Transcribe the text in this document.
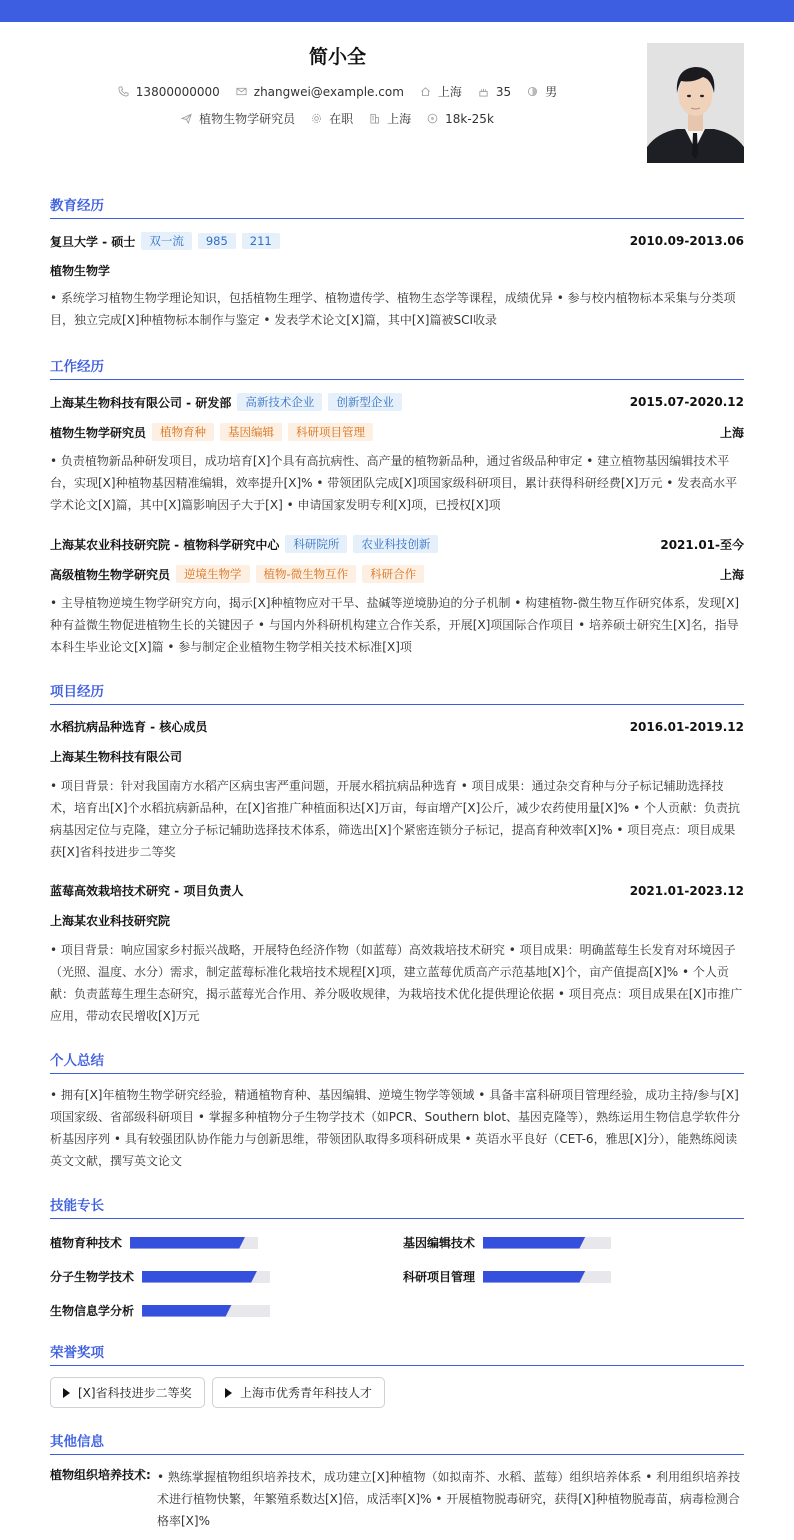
简小全
13800000000	zhangwei@example.com	上海	35	男
植物生物学研究员	在职	上海	18k-25k
教育经历
复旦大学 - 硕士	双一流	985	211	2010.09-2013.06
植物生物学
• 系统学习植物生物学理论知识，包括植物生理学、植物遗传学、植物生态学等课程，成绩优异 • 参与校内植物标本采集与分类项目，独立完成[X]种植物标本制作与鉴定 • 发表学术论文[X]篇，其中[X]篇被SCI收录
工作经历
上海某生物科技有限公司 - 研发部	高新技术企业	创新型企业	2015.07-2020.12
植物生物学研究员	植物育种	基因编辑	科研项目管理	上海
• 负责植物新品种研发项目，成功培育[X]个具有高抗病性、高产量的植物新品种，通过省级品种审定 • 建立植物基因编辑技术平台，实现[X]种植物基因精准编辑，效率提升[X]% • 带领团队完成[X]项国家级科研项目，累计获得科研经费[X]万元 • 发表高水平学术论文[X]篇，其中[X]篇影响因子大于[X] • 申请国家发明专利[X]项，已授权[X]项
上海某农业科技研究院 - 植物科学研究中心	科研院所	农业科技创新	2021.01-至今
高级植物生物学研究员	逆境生物学	植物-微生物互作	科研合作	上海
• 主导植物逆境生物学研究方向，揭示[X]种植物应对干旱、盐碱等逆境胁迫的分子机制 • 构建植物-微生物互作研究体系，发现[X]种有益微生物促进植物生长的关键因子 • 与国内外科研机构建立合作关系，开展[X]项国际合作项目 • 培养硕士研究生[X]名，指导本科生毕业论文[X]篇 • 参与制定企业植物生物学相关技术标准[X]项
项目经历
水稻抗病品种选育 - 核心成员	2016.01-2019.12
上海某生物科技有限公司
• 项目背景：针对我国南方水稻产区病虫害严重问题，开展水稻抗病品种选育 • 项目成果：通过杂交育种与分子标记辅助选择技术，培育出[X]个水稻抗病新品种，在[X]省推广种植面积达[X]万亩，每亩增产[X]公斤，减少农药使用量[X]% • 个人贡献：负责抗病基因定位与克隆，建立分子标记辅助选择技术体系，筛选出[X]个紧密连锁分子标记，提高育种效率[X]% • 项目亮点：项目成果获[X]省科技进步二等奖
蓝莓高效栽培技术研究 - 项目负责人	2021.01-2023.12
上海某农业科技研究院
• 项目背景：响应国家乡村振兴战略，开展特色经济作物（如蓝莓）高效栽培技术研究 • 项目成果：明确蓝莓生长发育对环境因子（光照、温度、水分）需求，制定蓝莓标准化栽培技术规程[X]项，建立蓝莓优质高产示范基地[X]个，亩产值提高[X]% • 个人贡献：负责蓝莓生理生态研究，揭示蓝莓光合作用、养分吸收规律，为栽培技术优化提供理论依据 • 项目亮点：项目成果在[X]市推广应用，带动农民增收[X]万元
个人总结
• 拥有[X]年植物生物学研究经验，精通植物育种、基因编辑、逆境生物学等领域 • 具备丰富科研项目管理经验，成功主持/参与[X]项国家级、省部级科研项目 • 掌握多种植物分子生物学技术（如PCR、Southern blot、基因克隆等），熟练运用生物信息学软件分析基因序列 • 具有较强团队协作能力与创新思维，带领团队取得多项科研成果 • 英语水平良好（CET-6，雅思[X]分），能熟练阅读英文文献，撰写英文论文
技能专长
植物育种技术	基因编辑技术
分子生物学技术	科研项目管理
生物信息学分析
荣誉奖项
[X]省科技进步二等奖	上海市优秀青年科技人才
其他信息
植物组织培养技术: • 熟练掌握植物组织培养技术，成功建立[X]种植物（如拟南芥、水稻、蓝莓）组织培养体系 • 利用组织培养技术进行植物快繁，年繁殖系数达[X]倍，成活率[X]% • 开展植物脱毒研究，获得[X]种植物脱毒苗，病毒检测合格率[X]%
